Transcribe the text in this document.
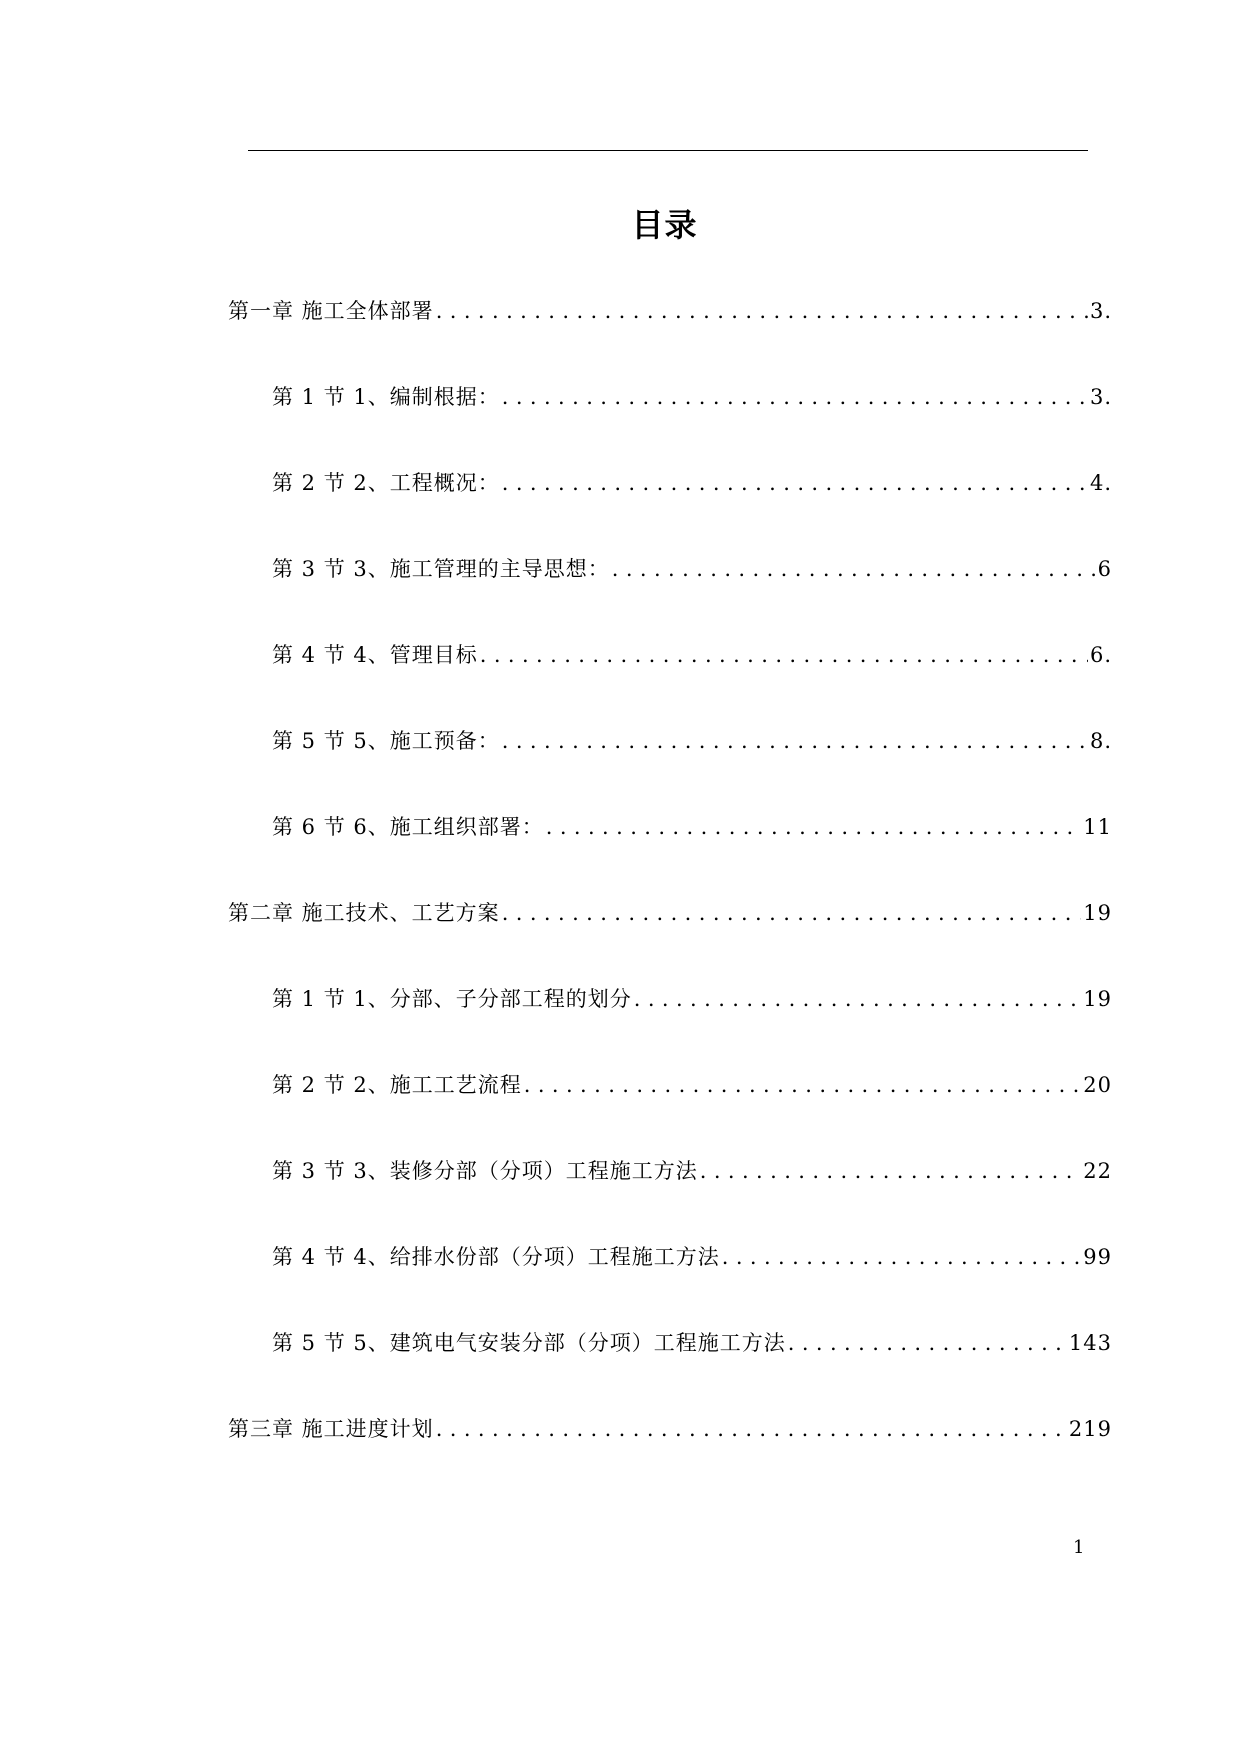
目录
第一章 施工全体部署 .....	3.
第 1 节 1、编制根据： .....	3.
第 2 节 2、工程概况： .....	4.
第 3 节 3、施工管理的主导思想： .....	6
第 4 节 4、管理目标 .....	6.
第 5 节 5、施工预备： .....	8.
第 6 节 6、施工组织部署： .....	11
第二章 施工技术、工艺方案 .....	19
第 1 节 1、分部、子分部工程的划分 .....	19
第 2 节 2、施工工艺流程 .....	20
第 3 节 3、装修分部（分项）工程施工方法 .....	22
第 4 节 4、给排水份部（分项）工程施工方法 .....	99
第 5 节 5、建筑电气安装分部（分项）工程施工方法 .....	143
第三章 施工进度计划 .....	219
1
